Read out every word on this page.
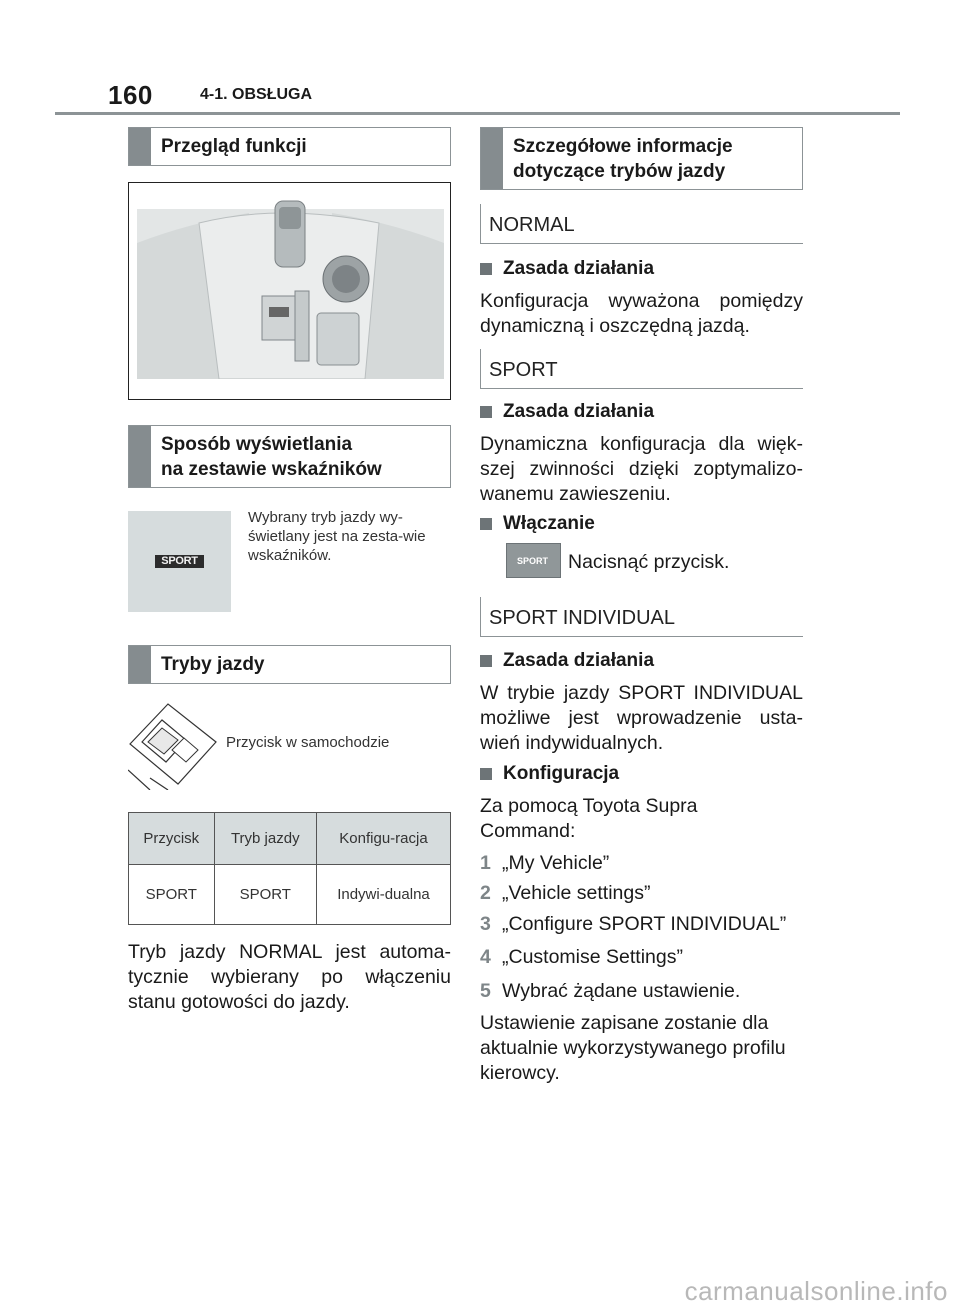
160	4-1. OBSŁUGA
Przegląd funkcji
Sposób wyświetlania
na zestawie wskaźników
SPORT
Wybrany tryb jazdy wy-świetlany jest na zesta-wie wskaźników.
Tryby jazdy
Przycisk w samochodzie
Przycisk	Tryb jazdy	Konfigu-racja
SPORT	SPORT	Indywi-dualna
Tryb jazdy NORMAL jest automa-tycznie wybierany po włączeniu stanu gotowości do jazdy.
Szczegółowe informacje
dotyczące trybów jazdy
NORMAL
Zasada działania
Konfiguracja wyważona pomiędzy dynamiczną i oszczędną jazdą.
SPORT
Zasada działania
Dynamiczna konfiguracja dla więk-szej zwinności dzięki zoptymalizo-wanemu zawieszeniu.
Włączanie
SPORT Nacisnąć przycisk.
SPORT INDIVIDUAL
Zasada działania
W trybie jazdy SPORT INDIVIDUAL możliwe jest wprowadzenie usta-wień indywidualnych.
Konfiguracja
Za pomocą Toyota Supra Command:
1 „My Vehicle”
2 „Vehicle settings”
3 „Configure SPORT INDIVIDUAL”
4 „Customise Settings”
5 Wybrać żądane ustawienie.
Ustawienie zapisane zostanie dla aktualnie wykorzystywanego profilu kierowcy.
carmanualsonline.info
